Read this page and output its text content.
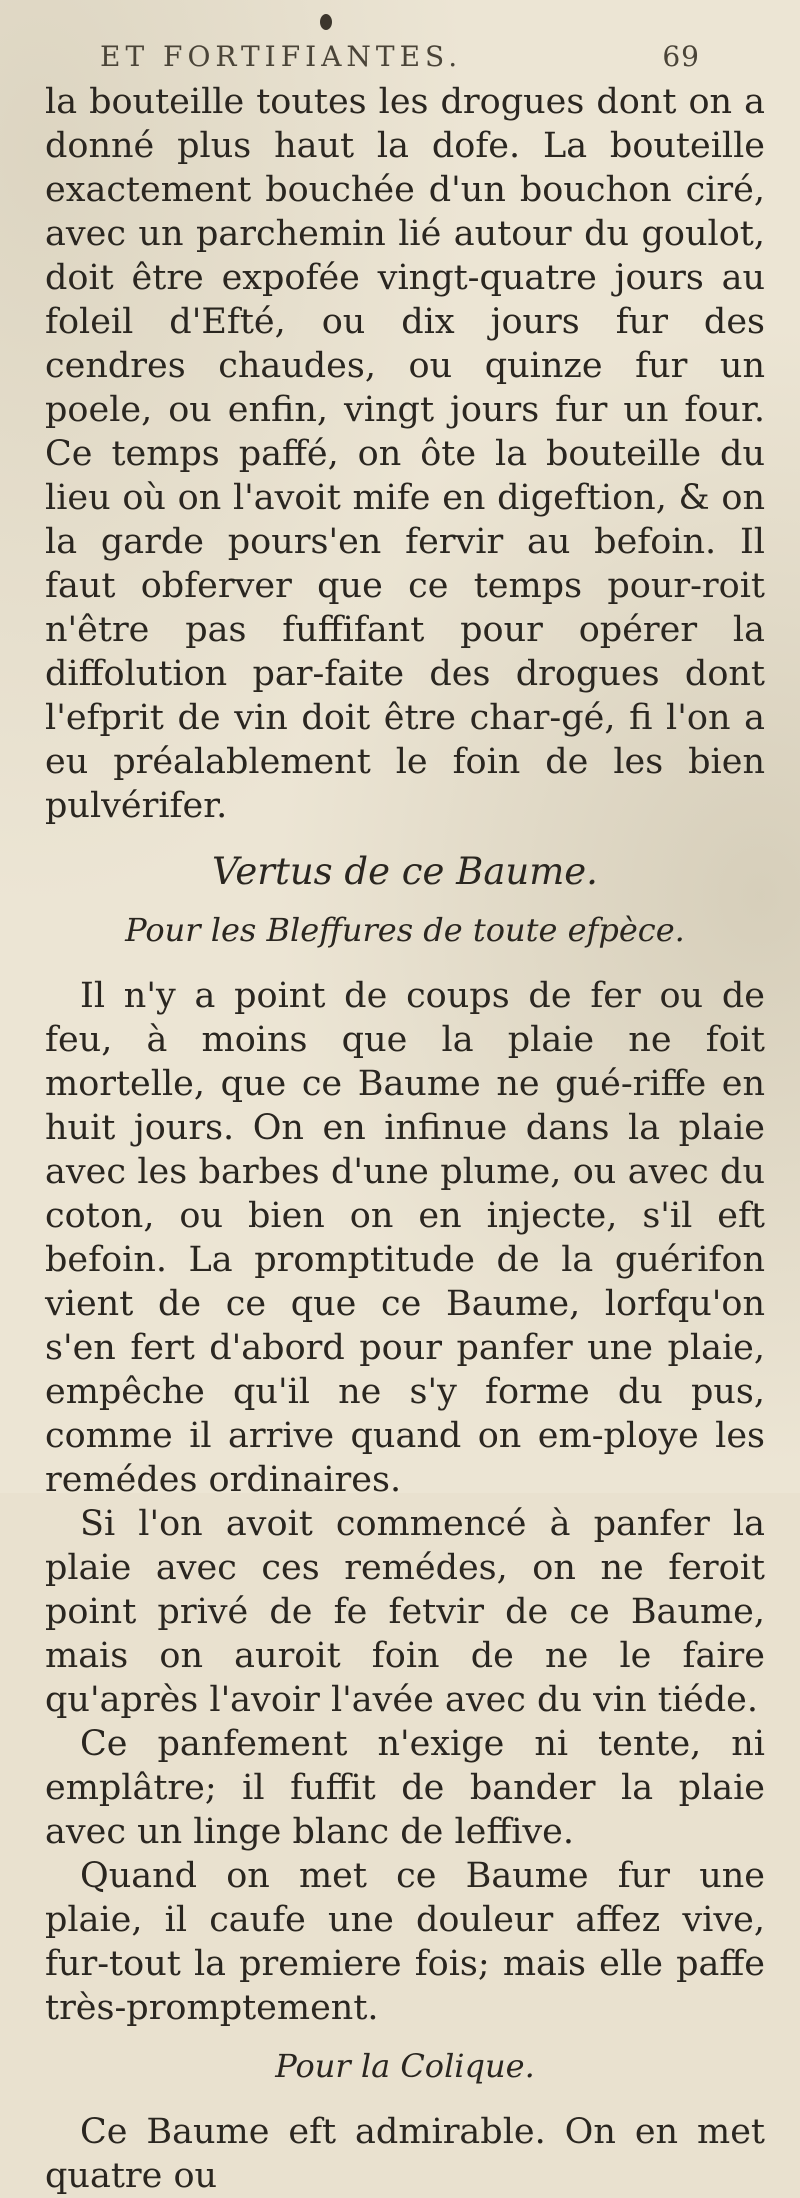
ET FORTIFIANTES.	69

la bouteille toutes les drogues dont on a donné plus haut la dofe. La bouteille exactement bouchée d'un bouchon ciré, avec un parchemin lié autour du goulot, doit être expofée vingt-quatre jours au foleil d'Efté, ou dix jours fur des cendres chaudes, ou quinze fur un poele, ou enfin, vingt jours fur un four. Ce temps paffé, on ôte la bouteille du lieu où on l'avoit mife en digeftion, & on la garde pours'en fervir au befoin. Il faut obferver que ce temps pour-roit n'être pas fuffifant pour opérer la diffolution par-faite des drogues dont l'efprit de vin doit être char-gé, fi l'on a eu préalablement le foin de les bien pulvérifer.

Vertus de ce Baume.
Pour les Bleffures de toute efpèce.

Il n'y a point de coups de fer ou de feu, à moins que la plaie ne foit mortelle, que ce Baume ne gué-riffe en huit jours. On en infinue dans la plaie avec les barbes d'une plume, ou avec du coton, ou bien on en injecte, s'il eft befoin. La promptitude de la guérifon vient de ce que ce Baume, lorfqu'on s'en fert d'abord pour panfer une plaie, empêche qu'il ne s'y forme du pus, comme il arrive quand on em-ploye les remédes ordinaires.

Si l'on avoit commencé à panfer la plaie avec ces remédes, on ne feroit point privé de fe fetvir de ce Baume, mais on auroit foin de ne le faire qu'après l'avoir l'avée avec du vin tiéde.

Ce panfement n'exige ni tente, ni emplâtre; il fuffit de bander la plaie avec un linge blanc de leffive.

Quand on met ce Baume fur une plaie, il caufe une douleur affez vive, fur-tout la premiere fois; mais elle paffe très-promptement.

Pour la Colique.

Ce Baume eft admirable. On en met quatre ou
